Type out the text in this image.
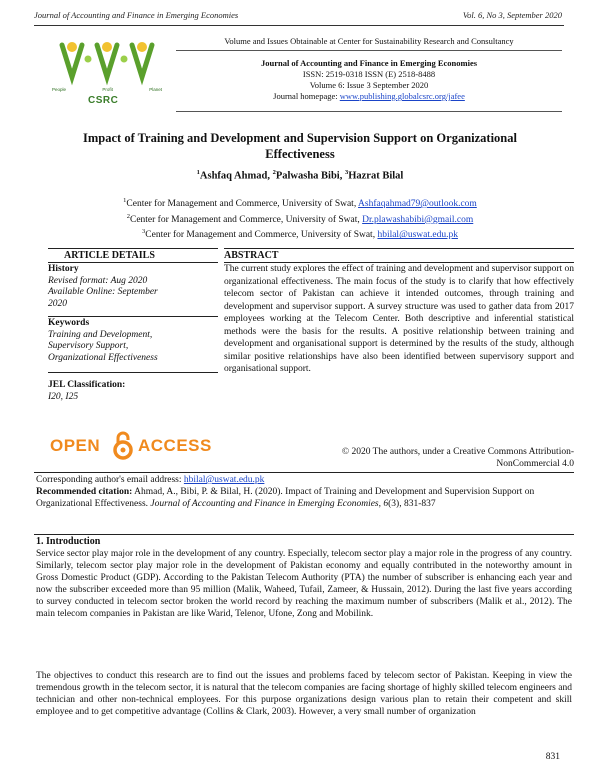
Journal of Accounting and Finance in Emerging Economies	Vol. 6, No 3, September 2020
People	Profit	Planet
CSRC
Volume and Issues Obtainable at Center for Sustainability Research and Consultancy
Journal of Accounting and Finance in Emerging Economies
ISSN: 2519-0318 ISSN (E) 2518-8488
Volume 6: Issue 3 September 2020
Journal homepage: www.publishing.globalcsrc.org/jafee
Impact of Training and Development and Supervision Support on Organizational Effectiveness
$^1$Ashfaq Ahmad, $^2$Palwasha Bibi, $^3$Hazrat Bilal
$^1$Center for Management and Commerce, University of Swat, Ashfaqahmad79@outlook.com
$^2$Center for Management and Commerce, University of Swat, Dr.plawashabibi@gmail.com
$^3$Center for Management and Commerce, University of Swat, hbilal@uswat.edu.pk
ARTICLE DETAILS	ABSTRACT
History
Revised format: Aug 2020
Available Online: September
2020
Keywords
Training and Development,
Supervisory Support,
Organizational Effectiveness
JEL Classification:
I20, I25
The current study explores the effect of training and development and supervisor support on organizational effectiveness. The main focus of the study is to clarify that how effectively telecom sector of Pakistan can achieve it intended outcomes, through training and development and supervisor support. A survey structure was used to gather data from 2017 employees working at the Telecom Center. Both descriptive and inferential statistical methods were the basis for the results. A positive relationship between training and development and organisational support is determined by the results of the study, although similar positive relationships have also been identified between supervisory support and organisational support.
OPEN ACCESS	© 2020 The authors, under a Creative Commons Attribution-
NonCommercial 4.0
Corresponding author's email address: hbilal@uswat.edu.pk
Recommended citation: Ahmad, A., Bibi, P. & Bilal, H. (2020). Impact of Training and Development and Supervision Support on Organizational Effectiveness. Journal of Accounting and Finance in Emerging Economies, 6(3), 831-837
1. Introduction
Service sector play major role in the development of any country. Especially, telecom sector play a major role in the progress of any country. Similarly, telecom sector play major role in the development of Pakistan economy and equally contributed in the noteworthy amount in Gross Domestic Product (GDP). According to the Pakistan Telecom Authority (PTA) the number of subscriber is enhancing each year and now the subscriber exceeded more than 95 million (Malik, Waheed, Tufail, Zameer, & Hussain, 2012). During the last five years according to survey conducted in telecom sector broken the world record by reaching the maximum number of subscribers (Malik et al., 2012). The main telecom companies in Pakistan are like Warid, Telenor, Ufone, Zong and Mobilink.
The objectives to conduct this research are to find out the issues and problems faced by telecom sector of Pakistan. Keeping in view the tremendous growth in the telecom sector, it is natural that the telecom companies are facing shortage of highly skilled telecom engineers and technician and other non-technical employees. For this purpose organizations design various plan to retain their competent and skill employee and to get competitive advantage (Collins & Clark, 2003). However, a very small number of organization
831
